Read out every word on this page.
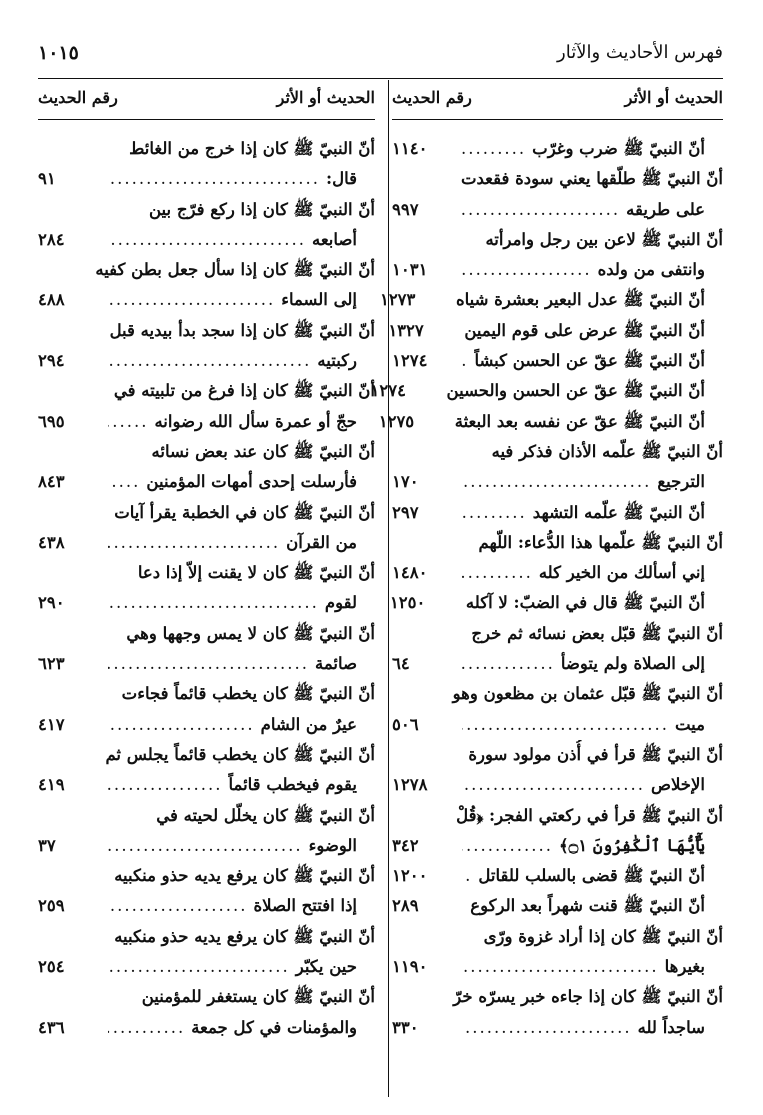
١٠١٥	فهرس الأحاديث والآثار
الحديث أو الأثر
رقم الحديث
أنّ النبيّ ﷺ ضرب وغرّب
.....
١١٤٠
أنّ النبيّ ﷺ طلّقها يعني سودة فقعدت
على طريقه
.....
٩٩٧
أنّ النبيّ ﷺ لاعن بين رجل وامرأته
وانتفى من ولده
.....
١٠٣١
أنّ النبيّ ﷺ عدل البعير بعشرة شياه
١٢٧٣
أنّ النبيّ ﷺ عرض على قوم اليمين
١٣٢٧
أنّ النبيّ ﷺ عقّ عن الحسن كبشاً
.....
١٢٧٤
أنّ النبيّ ﷺ عقّ عن الحسن والحسين
١٢٧٤
أنّ النبيّ ﷺ عقّ عن نفسه بعد البعثة
١٢٧٥
أنّ النبيّ ﷺ علّمه الأذان فذكر فيه
الترجيع
.....
١٧٠
أنّ النبيّ ﷺ علّمه التشهد
.....
٢٩٧
أنّ النبيّ ﷺ علّمها هذا الدُّعاء: اللّهم
إني أسألك من الخير كله
.....
١٤٨٠
أنّ النبيّ ﷺ قال في الضبّ: لا آكله
١٢٥٠
أنّ النبيّ ﷺ قبّل بعض نسائه ثم خرج
إلى الصلاة ولم يتوضأ
.....
٦٤
أنّ النبيّ ﷺ قبّل عثمان بن مظعون وهو
ميت
.....
٥٠٦
أنّ النبيّ ﷺ قرأ في أُذن مولود سورة
الإخلاص
.....
١٢٧٨
أنّ النبيّ ﷺ قرأ في ركعتي الفجر: ﴿قُلْ
يَٰٓأَيُّهَا ٱلْكَٰفِرُونَ ۝١﴾
.....
٣٤٢
أنّ النبيّ ﷺ قضى بالسلب للقاتل
.....
١٢٠٠
أنّ النبيّ ﷺ قنت شهراً بعد الركوع
.....
٢٨٩
أنّ النبيّ ﷺ كان إذا أراد غزوة ورّى
بغيرها
.....
١١٩٠
أنّ النبيّ ﷺ كان إذا جاءه خبر يسرّه خرّ
ساجداً لله
.....
٣٣٠
الحديث أو الأثر
رقم الحديث
أنّ النبيّ ﷺ كان إذا خرج من الغائط
قال:
.....
٩١
أنّ النبيّ ﷺ كان إذا ركع فرّج بين
أصابعه
.....
٢٨٤
أنّ النبيّ ﷺ كان إذا سأل جعل بطن كفيه
إلى السماء
.....
٤٨٨
أنّ النبيّ ﷺ كان إذا سجد بدأ بيديه قبل
ركبتيه
.....
٢٩٤
أنّ النبيّ ﷺ كان إذا فرغ من تلبيته في
حجّ أو عمرة سأل الله رضوانه
.....
٦٩٥
أنّ النبيّ ﷺ كان عند بعض نسائه
فأرسلت إحدى أمهات المؤمنين
.....
٨٤٣
أنّ النبيّ ﷺ كان في الخطبة يقرأ آيات
من القرآن
.....
٤٣٨
أنّ النبيّ ﷺ كان لا يقنت إلاّ إذا دعا
لقوم
.....
٢٩٠
أنّ النبيّ ﷺ كان لا يمس وجهها وهي
صائمة
.....
٦٢٣
أنّ النبيّ ﷺ كان يخطب قائماً فجاءت
عيرٌ من الشام
.....
٤١٧
أنّ النبيّ ﷺ كان يخطب قائماً يجلس ثم
يقوم فيخطب قائماً
.....
٤١٩
أنّ النبيّ ﷺ كان يخلّل لحيته في
الوضوء
.....
٣٧
أنّ النبيّ ﷺ كان يرفع يديه حذو منكبيه
إذا افتتح الصلاة
.....
٢٥٩
أنّ النبيّ ﷺ كان يرفع يديه حذو منكبيه
حين يكبّر
.....
٢٥٤
أنّ النبيّ ﷺ كان يستغفر للمؤمنين
والمؤمنات في كل جمعة
.....
٤٣٦
